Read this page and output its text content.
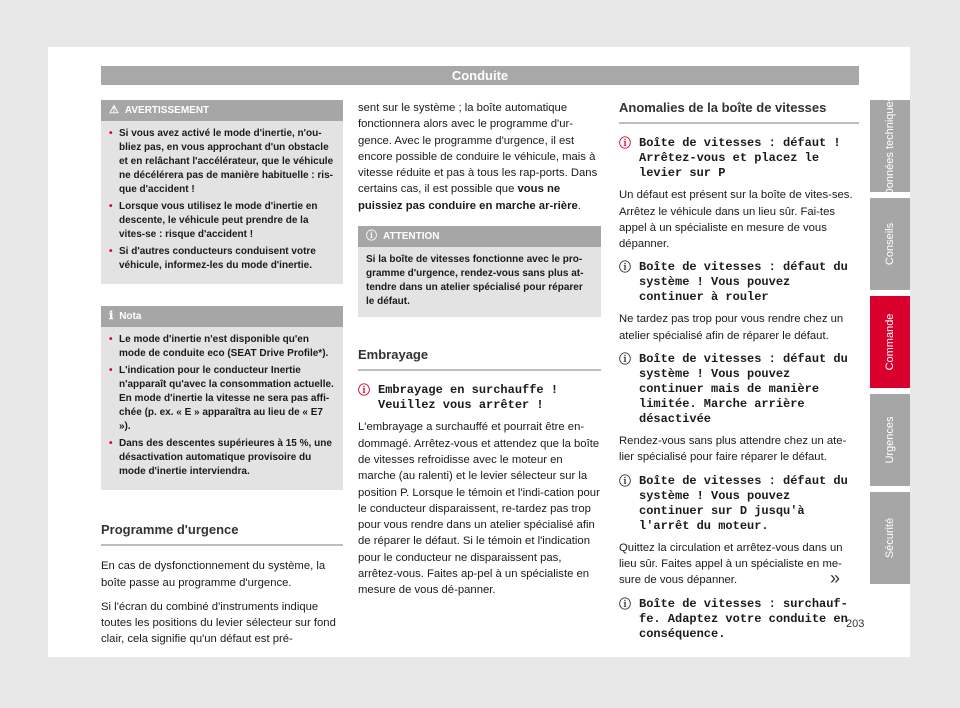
Conduite
⚠ AVERTISSEMENT
• Si vous avez activé le mode d'inertie, n'ou-bliez pas, en vous approchant d'un obstacle et en relâchant l'accélérateur, que le véhicule ne décélérera pas de manière habituelle : ris-que d'accident !
• Lorsque vous utilisez le mode d'inertie en descente, le véhicule peut prendre de la vites-se : risque d'accident !
• Si d'autres conducteurs conduisent votre véhicule, informez-les du mode d'inertie.
ℹ Nota
• Le mode d'inertie n'est disponible qu'en mode de conduite eco (SEAT Drive Profile*).
• L'indication pour le conducteur Inertie n'apparaît qu'avec la consommation actuelle. En mode d'inertie la vitesse ne sera pas affi-chée (p. ex. « E » apparaîtra au lieu de « E7 »).
• Dans des descentes supérieures à 15 %, une désactivation automatique provisoire du mode d'inertie interviendra.
Programme d'urgence

En cas de dysfonctionnement du système, la boîte passe au programme d'urgence.

Si l'écran du combiné d'instruments indique toutes les positions du levier sélecteur sur fond clair, cela signifie qu'un défaut est pré-

sent sur le système ; la boîte automatique fonctionnera alors avec le programme d'ur-gence. Avec le programme d'urgence, il est encore possible de conduire le véhicule, mais à vitesse réduite et pas à tous les rap-ports. Dans certains cas, il est possible que vous ne puissiez pas conduire en marche ar-rière.

ⓘ ATTENTION
Si la boîte de vitesses fonctionne avec le pro-gramme d'urgence, rendez-vous sans plus at-tendre dans un atelier spécialisé pour réparer le défaut.
Embrayage
ⓘ Embrayage en surchauffe ! Veuillez vous arrêter !

L'embrayage a surchauffé et pourrait être en-dommagé. Arrêtez-vous et attendez que la boîte de vitesses refroidisse avec le moteur en marche (au ralenti) et le levier sélecteur sur la position P. Lorsque le témoin et l'indi-cation pour le conducteur disparaissent, re-tardez pas trop pour vous rendre dans un atelier spécialisé afin de réparer le défaut. Si le témoin et l'indication pour le conducteur ne disparaissent pas, arrêtez-vous. Faites ap-pel à un spécialiste en mesure de vous dé-panner.

Anomalies de la boîte de vitesses
ⓘ Boîte de vitesses : défaut ! Arrêtez-vous et placez le levier sur P

Un défaut est présent sur la boîte de vites-ses. Arrêtez le véhicule dans un lieu sûr. Fai-tes appel à un spécialiste en mesure de vous dépanner.

ⓘ Boîte de vitesses : défaut du système ! Vous pouvez continuer à rouler

Ne tardez pas trop pour vous rendre chez un atelier spécialisé afin de réparer le défaut.

ⓘ Boîte de vitesses : défaut du système ! Vous pouvez continuer mais de manière limitée. Marche arrière désactivée

Rendez-vous sans plus attendre chez un ate-lier spécialisé pour faire réparer le défaut.

ⓘ Boîte de vitesses : défaut du système ! Vous pouvez continuer sur D jusqu'à l'arrêt du moteur.

Quittez la circulation et arrêtez-vous dans un lieu sûr. Faites appel à un spécialiste en me-sure de vous dépanner.

ⓘ Boîte de vitesses : surchauf-fe. Adaptez votre conduite en conséquence.
»
Données techniques
Conseils
Commande
Urgences
Sécurité
203
